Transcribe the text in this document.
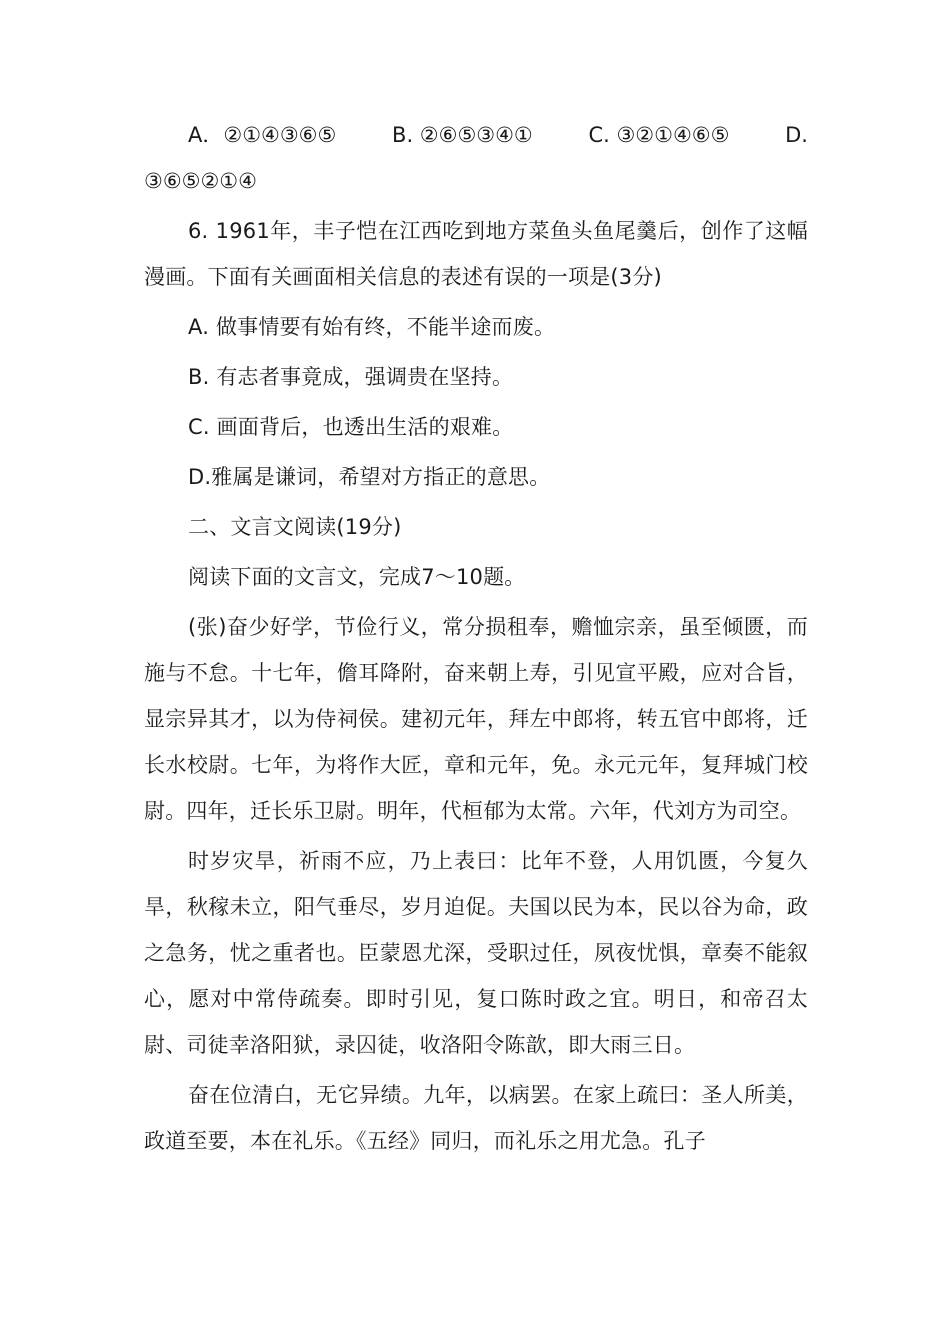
A．②①④③⑥⑤	B. ②⑥⑤③④①	C. ③②①④⑥⑤	D.
③⑥⑤②①④

6. 1961年，丰子恺在江西吃到地方菜鱼头鱼尾羹后，创作了这幅漫画。下面有关画面相关信息的表述有误的一项是(3分)

A. 做事情要有始有终，不能半途而废。

B. 有志者事竟成，强调贵在坚持。

C. 画面背后，也透出生活的艰难。

D.雅属是谦词，希望对方指正的意思。

二、文言文阅读(19分)

阅读下面的文言文，完成7～10题。

(张)奋少好学，节俭行义，常分损租奉，赡恤宗亲，虽至倾匮，而施与不怠。十七年，儋耳降附，奋来朝上寿，引见宣平殿，应对合旨，显宗异其才，以为侍祠侯。建初元年，拜左中郎将，转五官中郎将，迁长水校尉。七年，为将作大匠，章和元年，免。永元元年，复拜城门校尉。四年，迁长乐卫尉。明年，代桓郁为太常。六年，代刘方为司空。

时岁灾旱，祈雨不应，乃上表曰：比年不登，人用饥匮，今复久旱，秋稼未立，阳气垂尽，岁月迫促。夫国以民为本，民以谷为命，政之急务，忧之重者也。臣蒙恩尤深，受职过任，夙夜忧惧，章奏不能叙心，愿对中常侍疏奏。即时引见，复口陈时政之宜。明日，和帝召太尉、司徒幸洛阳狱，录囚徒，收洛阳令陈歆，即大雨三日。

奋在位清白，无它异绩。九年，以病罢。在家上疏曰：圣人所美，政道至要，本在礼乐。《五经》同归，而礼乐之用尤急。孔子
